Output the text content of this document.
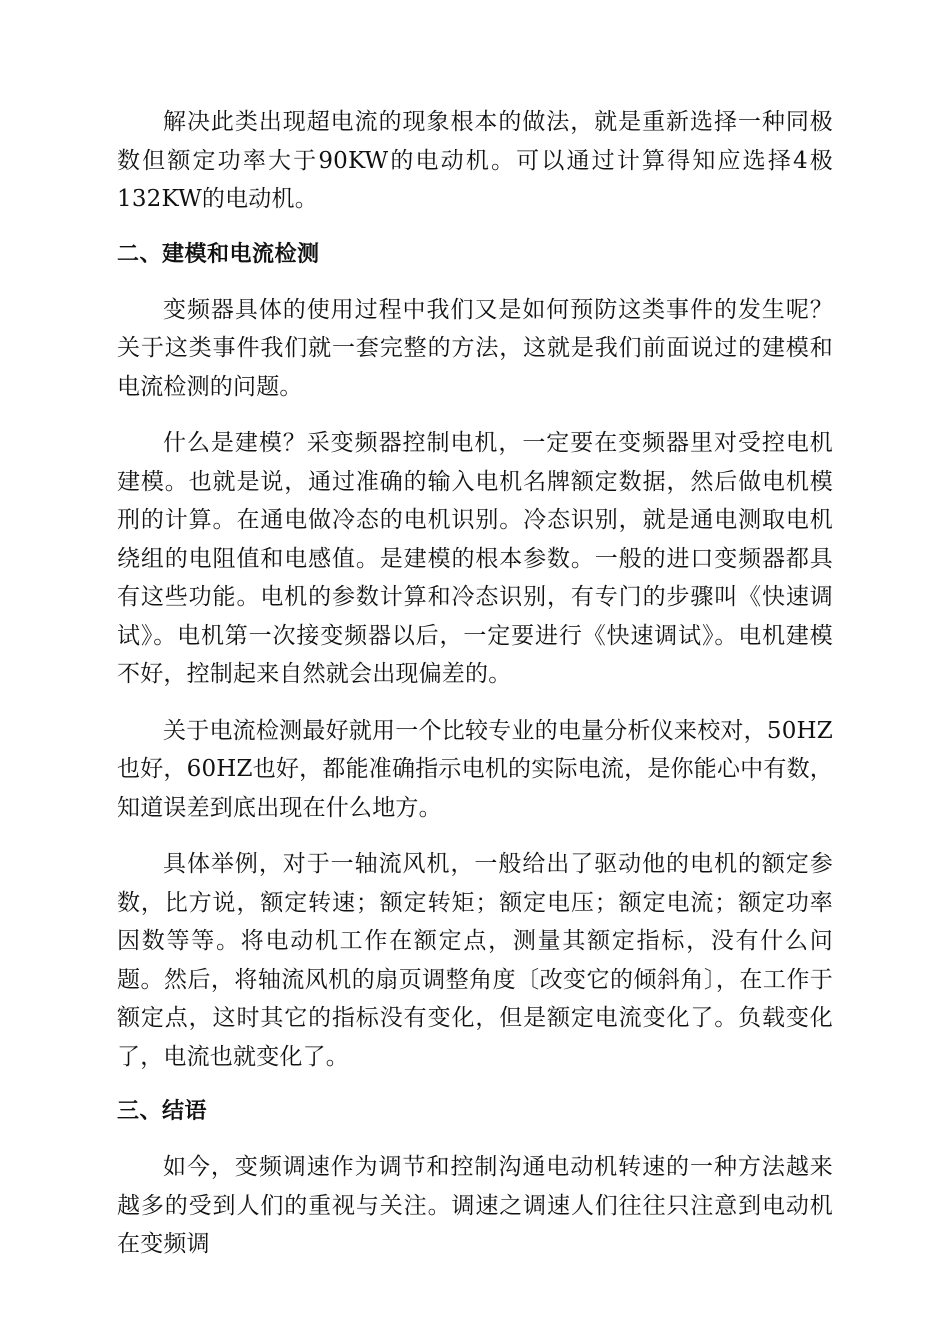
解决此类出现超电流的现象根本的做法，就是重新选择一种同极数但额定功率大于90KW的电动机。可以通过计算得知应选择4极132KW的电动机。

二、建模和电流检测

变频器具体的使用过程中我们又是如何预防这类事件的发生呢？关于这类事件我们就一套完整的方法，这就是我们前面说过的建模和电流检测的问题。

什么是建模？采变频器控制电机，一定要在变频器里对受控电机建模。也就是说，通过准确的输入电机名牌额定数据，然后做电机模刑的计算。在通电做冷态的电机识别。冷态识别，就是通电测取电机绕组的电阻值和电感值。是建模的根本参数。一般的进口变频器都具有这些功能。电机的参数计算和冷态识别，有专门的步骤叫《快速调试》。电机第一次接变频器以后，一定要进行《快速调试》。电机建模不好，控制起来自然就会出现偏差的。

关于电流检测最好就用一个比较专业的电量分析仪来校对，50HZ也好，60HZ也好，都能准确指示电机的实际电流，是你能心中有数，知道误差到底出现在什么地方。

具体举例，对于一轴流风机，一般给出了驱动他的电机的额定参数，比方说，额定转速；额定转矩；额定电压；额定电流；额定功率因数等等。将电动机工作在额定点，测量其额定指标，没有什么问题。然后，将轴流风机的扇页调整角度〔改变它的倾斜角〕，在工作于额定点，这时其它的指标没有变化，但是额定电流变化了。负载变化了，电流也就变化了。

三、结语

如今，变频调速作为调节和控制沟通电动机转速的一种方法越来越多的受到人们的重视与关注。调速之调速人们往往只注意到电动机在变频调
